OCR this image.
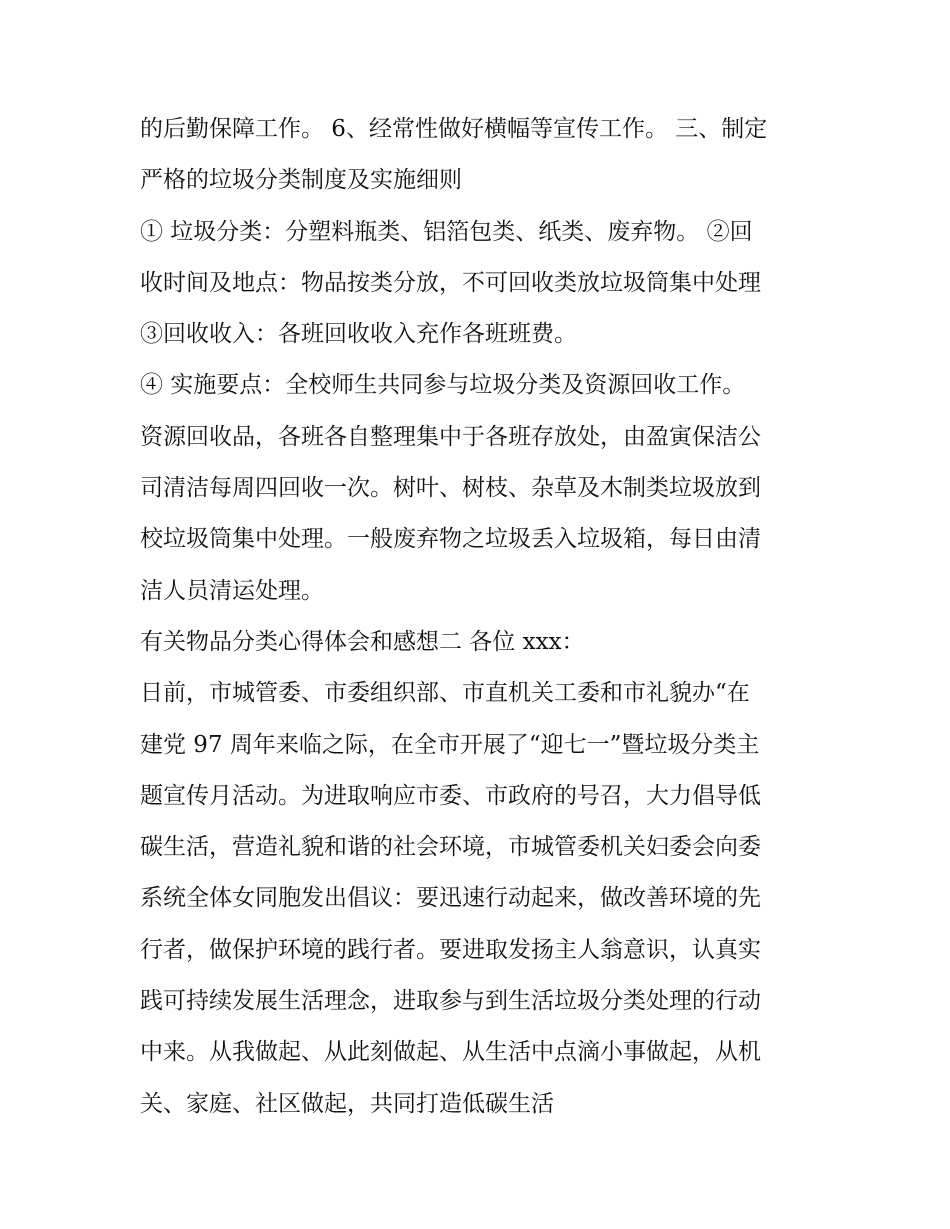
的后勤保障工作。 6、经常性做好横幅等宣传工作。 三、制定
严格的垃圾分类制度及实施细则
① 垃圾分类：分塑料瓶类、铝箔包类、纸类、废弃物。 ②回
收时间及地点：物品按类分放，不可回收类放垃圾筒集中处理
③回收收入：各班回收收入充作各班班费。
④ 实施要点：全校师生共同参与垃圾分类及资源回收工作。
资源回收品，各班各自整理集中于各班存放处，由盈寅保洁公
司清洁每周四回收一次。树叶、树枝、杂草及木制类垃圾放到
校垃圾筒集中处理。一般废弃物之垃圾丢入垃圾箱，每日由清
洁人员清运处理。
有关物品分类心得体会和感想二 各位 xxx：
日前，市城管委、市委组织部、市直机关工委和市礼貌办“在
建党 97 周年来临之际，在全市开展了“迎七一”暨垃圾分类主
题宣传月活动。为进取响应市委、市政府的号召，大力倡导低
碳生活，营造礼貌和谐的社会环境，市城管委机关妇委会向委
系统全体女同胞发出倡议：要迅速行动起来，做改善环境的先
行者，做保护环境的践行者。要进取发扬主人翁意识，认真实
践可持续发展生活理念，进取参与到生活垃圾分类处理的行动
中来。从我做起、从此刻做起、从生活中点滴小事做起，从机
关、家庭、社区做起，共同打造低碳生活
